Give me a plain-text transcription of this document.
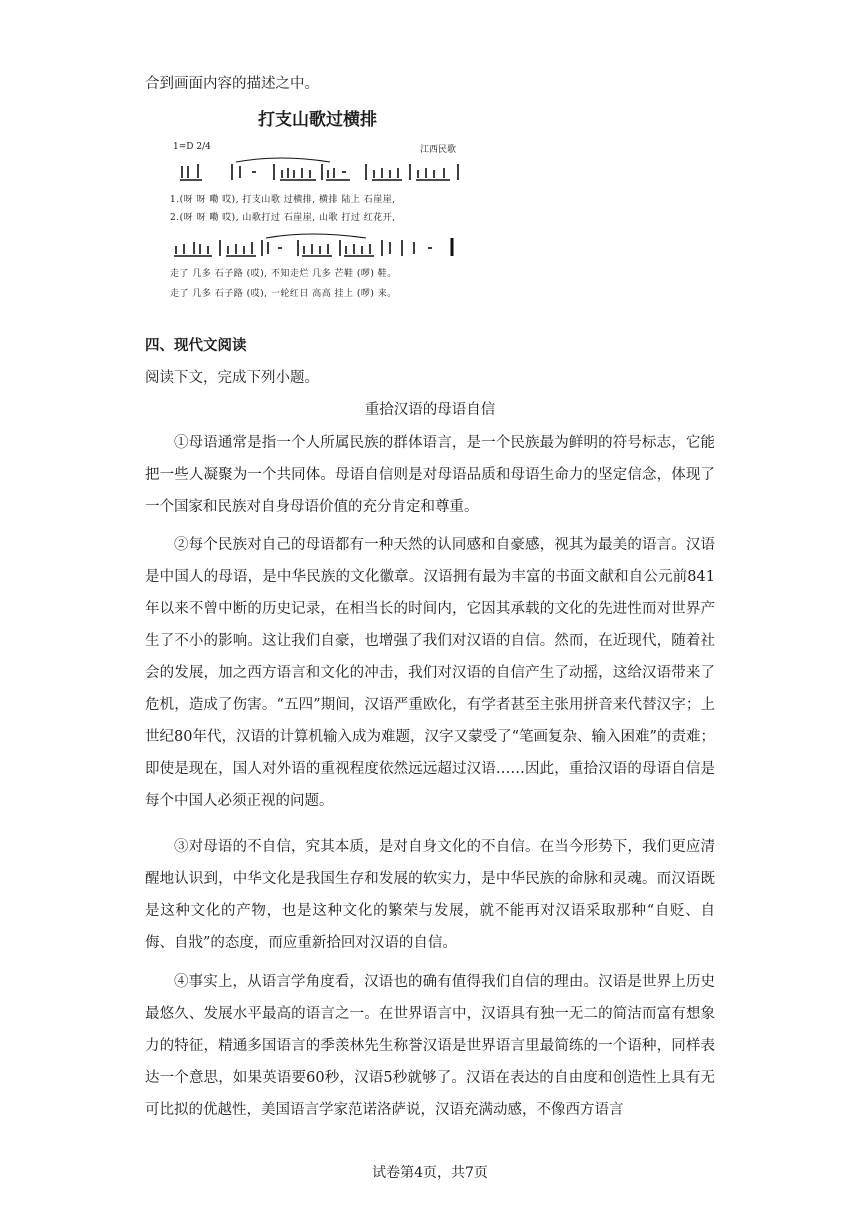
合到画面内容的描述之中。
打支山歌过横排
1=D 2/4	江西民歌
1.(呀 呀 嘞 哎), 打支山歌 过横排, 横排 陆上 石崖崖,
2.(呀 呀 嘞 哎), 山歌打过 石崖崖, 山歌 打过 红花开,
走了 几多 石子路 (哎), 不知走烂 几多 芒鞋 (啰) 鞋。
走了 几多 石子路 (哎), 一轮红日 高高 挂上 (啰) 来。
四、现代文阅读
阅读下文，完成下列小题。
重拾汉语的母语自信

①母语通常是指一个人所属民族的群体语言，是一个民族最为鲜明的符号标志，它能把一些人凝聚为一个共同体。母语自信则是对母语品质和母语生命力的坚定信念，体现了一个国家和民族对自身母语价值的充分肯定和尊重。

②每个民族对自己的母语都有一种天然的认同感和自豪感，视其为最美的语言。汉语是中国人的母语，是中华民族的文化徽章。汉语拥有最为丰富的书面文献和自公元前841年以来不曾中断的历史记录，在相当长的时间内，它因其承载的文化的先进性而对世界产生了不小的影响。这让我们自豪，也增强了我们对汉语的自信。然而，在近现代，随着社会的发展，加之西方语言和文化的冲击，我们对汉语的自信产生了动摇，这给汉语带来了危机，造成了伤害。“五四”期间，汉语严重欧化，有学者甚至主张用拼音来代替汉字；上世纪80年代，汉语的计算机输入成为难题，汉字又蒙受了“笔画复杂、输入困难”的责难；即使是现在，国人对外语的重视程度依然远远超过汉语……因此，重拾汉语的母语自信是每个中国人必须正视的问题。

③对母语的不自信，究其本质，是对自身文化的不自信。在当今形势下，我们更应清醒地认识到，中华文化是我国生存和发展的软实力，是中华民族的命脉和灵魂。而汉语既是这种文化的产物，也是这种文化的繁荣与发展，就不能再对汉语采取那种“自贬、自侮、自戕”的态度，而应重新拾回对汉语的自信。

④事实上，从语言学角度看，汉语也的确有值得我们自信的理由。汉语是世界上历史最悠久、发展水平最高的语言之一。在世界语言中，汉语具有独一无二的简洁而富有想象力的特征，精通多国语言的季羡林先生称誉汉语是世界语言里最简练的一个语种，同样表达一个意思，如果英语要60秒，汉语5秒就够了。汉语在表达的自由度和创造性上具有无可比拟的优越性，美国语言学家范诺洛萨说，汉语充满动感，不像西方语言

试卷第4页，共7页
